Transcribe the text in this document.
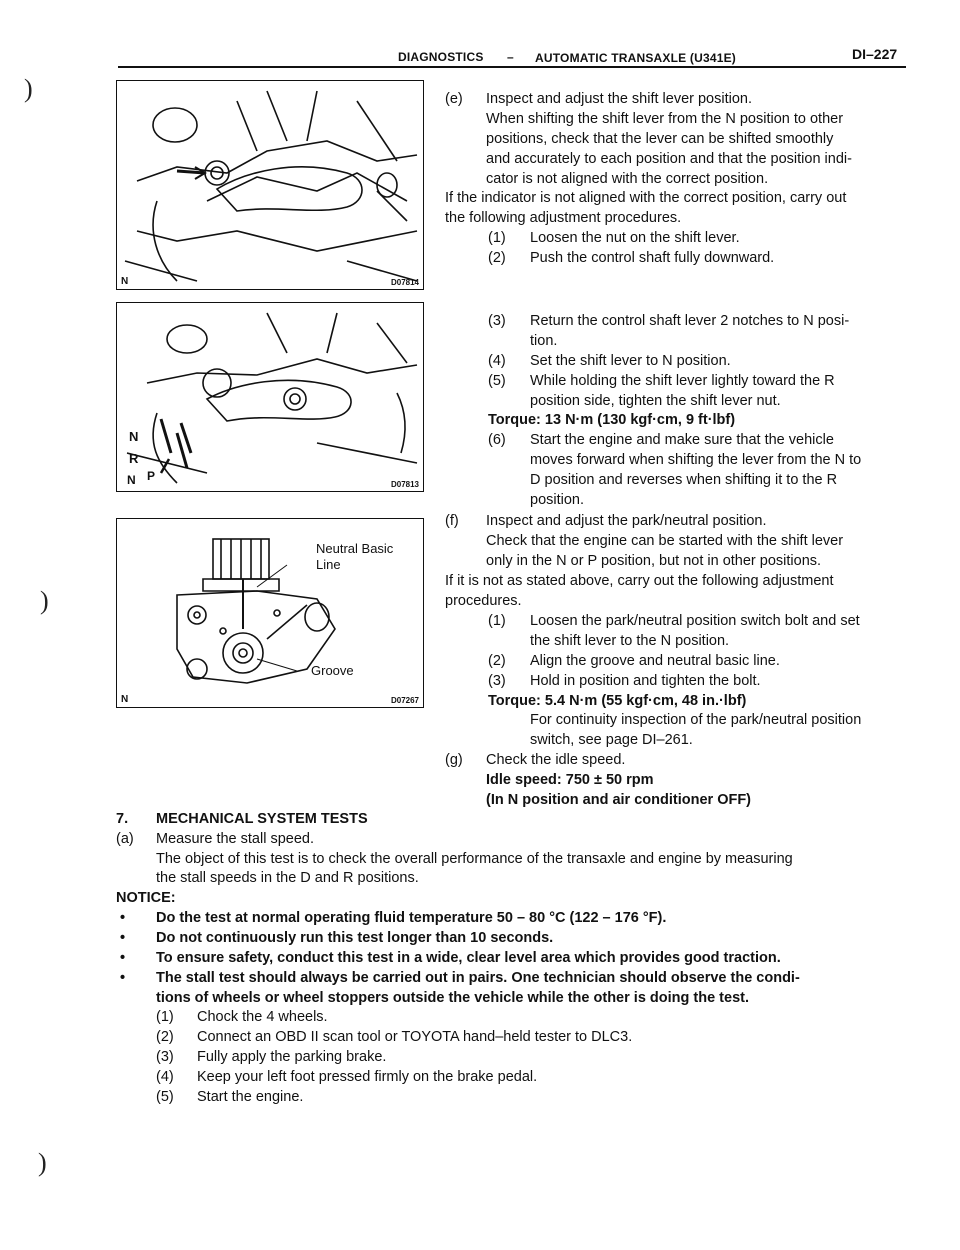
DIAGNOSTICS – AUTOMATIC TRANSAXLE (U341E)	DI–227
)
)
)
N	D07814
N
R
N P
D07813
Neutral Basic
Line
Groove
N	D07267
(e) Inspect and adjust the shift lever position.
When shifting the shift lever from the N position to other
positions, check that the lever can be shifted smoothly
and accurately to each position and that the position indi-
cator is not aligned with the correct position.
If the indicator is not aligned with the correct position, carry out
the following adjustment procedures.
(1) Loosen the nut on the shift lever.
(2) Push the control shaft fully downward.
(3) Return the control shaft lever 2 notches to N posi-
tion.
(4) Set the shift lever to N position.
(5) While holding the shift lever lightly toward the R
position side, tighten the shift lever nut.
Torque: 13 N·m (130 kgf·cm, 9 ft·lbf)
(6) Start the engine and make sure that the vehicle
moves forward when shifting the lever from the N to
D position and reverses when shifting it to the R
position.
(f) Inspect and adjust the park/neutral position.
Check that the engine can be started with the shift lever
only in the N or P position, but not in other positions.
If it is not as stated above, carry out the following adjustment
procedures.
(1) Loosen the park/neutral position switch bolt and set
the shift lever to the N position.
(2) Align the groove and neutral basic line.
(3) Hold in position and tighten the bolt.
Torque: 5.4 N·m (55 kgf·cm, 48 in.·lbf)
For continuity inspection of the park/neutral position
switch, see page DI–261.
(g) Check the idle speed.
Idle speed: 750 ± 50 rpm
(In N position and air conditioner OFF)
7. MECHANICAL SYSTEM TESTS
(a) Measure the stall speed.
The object of this test is to check the overall performance of the transaxle and engine by measuring
the stall speeds in the D and R positions.
NOTICE:
• Do the test at normal operating fluid temperature 50 – 80 °C (122 – 176 °F).
• Do not continuously run this test longer than 10 seconds.
• To ensure safety, conduct this test in a wide, clear level area which provides good traction.
• The stall test should always be carried out in pairs. One technician should observe the condi-
tions of wheels or wheel stoppers outside the vehicle while the other is doing the test.
(1) Chock the 4 wheels.
(2) Connect an OBD II scan tool or TOYOTA hand–held tester to DLC3.
(3) Fully apply the parking brake.
(4) Keep your left foot pressed firmly on the brake pedal.
(5) Start the engine.
